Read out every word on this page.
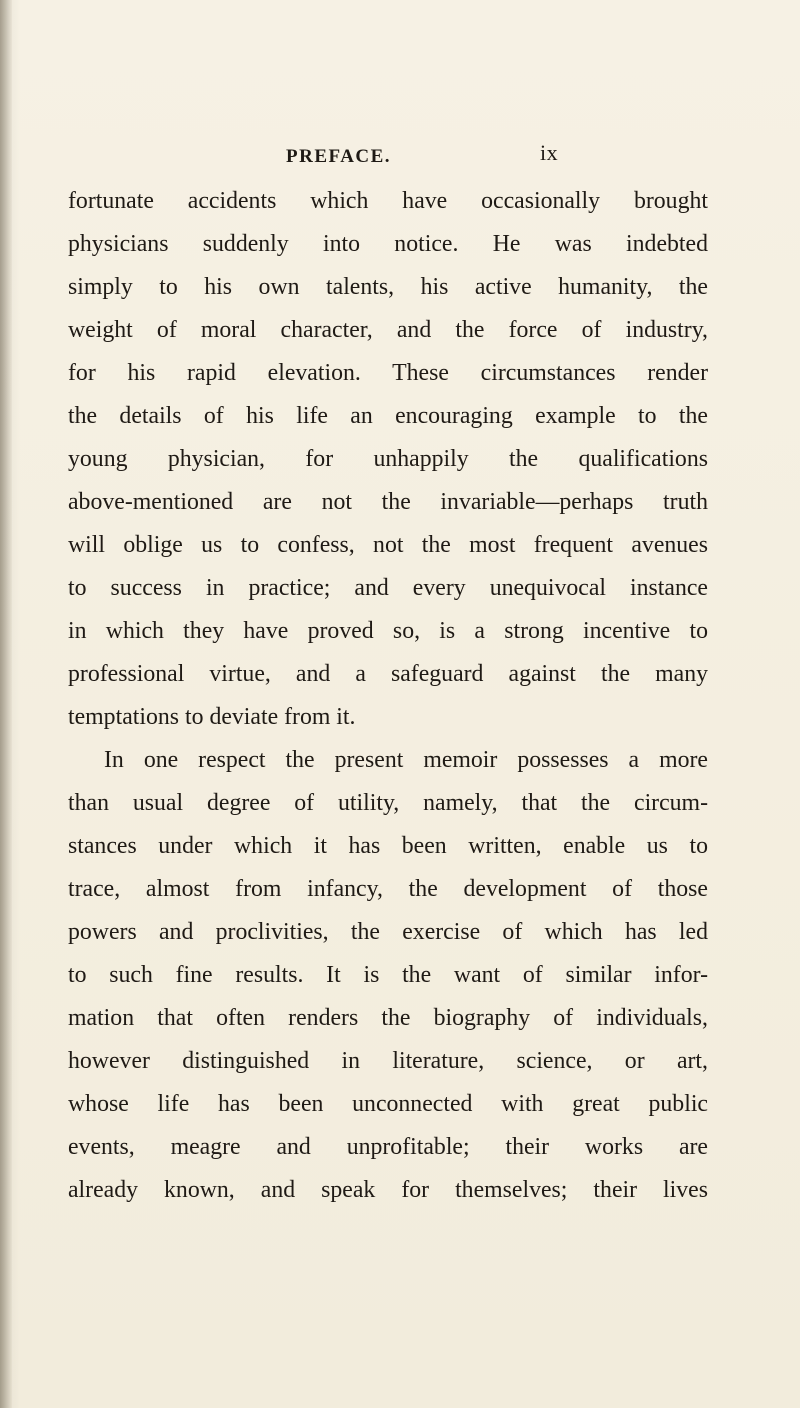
PREFACE.	ix
fortunate accidents which have occasionally brought
physicians suddenly into notice. He was indebted
simply to his own talents, his active humanity, the
weight of moral character, and the force of industry,
for his rapid elevation. These circumstances render
the details of his life an encouraging example to the
young physician, for unhappily the qualifications
above-mentioned are not the invariable—perhaps truth
will oblige us to confess, not the most frequent avenues
to success in practice; and every unequivocal instance
in which they have proved so, is a strong incentive to
professional virtue, and a safeguard against the many
temptations to deviate from it.
In one respect the present memoir possesses a more
than usual degree of utility, namely, that the circum-
stances under which it has been written, enable us to
trace, almost from infancy, the development of those
powers and proclivities, the exercise of which has led
to such fine results. It is the want of similar infor-
mation that often renders the biography of individuals,
however distinguished in literature, science, or art,
whose life has been unconnected with great public
events, meagre and unprofitable; their works are
already known, and speak for themselves; their lives
